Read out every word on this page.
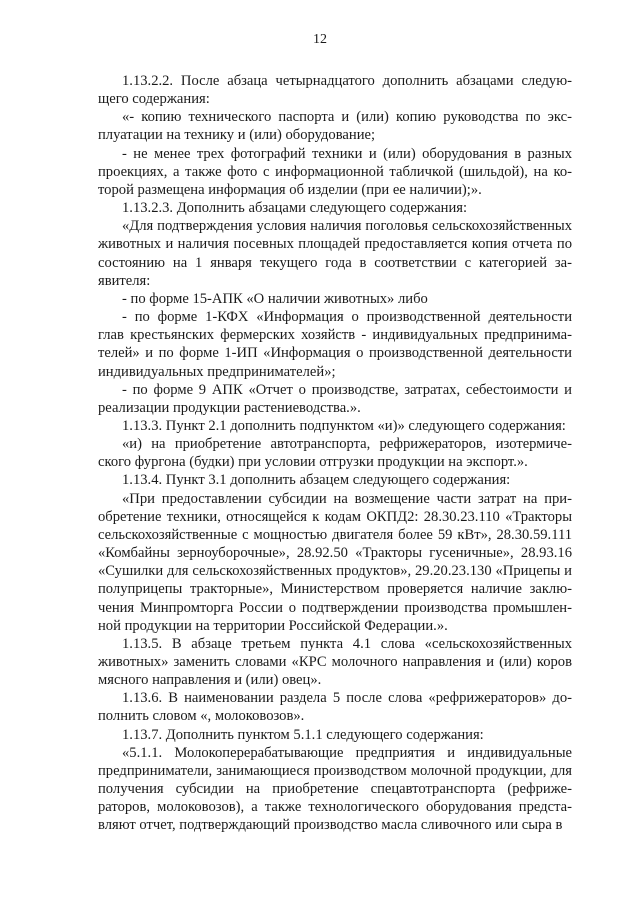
12

1.13.2.2. После абзаца четырнадцатого дополнить абзацами следующего содержания:

«- копию технического паспорта и (или) копию руководства по эксплуатации на технику и (или) оборудование;

- не менее трех фотографий техники и (или) оборудования в разных проекциях, а также фото с информационной табличкой (шильдой), на которой размещена информация об изделии (при ее наличии);».

1.13.2.3. Дополнить абзацами следующего содержания:

«Для подтверждения условия наличия поголовья сельскохозяйственных животных и наличия посевных площадей предоставляется копия отчета по состоянию на 1 января текущего года в соответствии с категорией заявителя:

- по форме 15-АПК «О наличии животных» либо

- по форме 1-КФХ «Информация о производственной деятельности глав крестьянских фермерских хозяйств - индивидуальных предпринимателей» и по форме 1-ИП «Информация о производственной деятельности индивидуальных предпринимателей»;

- по форме 9 АПК «Отчет о производстве, затратах, себестоимости и реализации продукции растениеводства.».

1.13.3. Пункт 2.1 дополнить подпунктом «и)» следующего содержания:

«и) на приобретение автотранспорта, рефрижераторов, изотермического фургона (будки) при условии отгрузки продукции на экспорт.».

1.13.4. Пункт 3.1 дополнить абзацем следующего содержания:

«При предоставлении субсидии на возмещение части затрат на приобретение техники, относящейся к кодам ОКПД2: 28.30.23.110 «Тракторы сельскохозяйственные с мощностью двигателя более 59 кВт», 28.30.59.111 «Комбайны зерноуборочные», 28.92.50 «Тракторы гусеничные», 28.93.16 «Сушилки для сельскохозяйственных продуктов», 29.20.23.130 «Прицепы и полуприцепы тракторные», Министерством проверяется наличие заключения Минпромторга России о подтверждении производства промышленной продукции на территории Российской Федерации.».

1.13.5. В абзаце третьем пункта 4.1 слова «сельскохозяйственных животных» заменить словами «КРС молочного направления и (или) коров мясного направления и (или) овец».

1.13.6. В наименовании раздела 5 после слова «рефрижераторов» дополнить словом «, молоковозов».

1.13.7. Дополнить пунктом 5.1.1 следующего содержания:

«5.1.1. Молокоперерабатывающие предприятия и индивидуальные предприниматели, занимающиеся производством молочной продукции, для получения субсидии на приобретение спецавтотранспорта (рефрижераторов, молоковозов), а также технологического оборудования представляют отчет, подтверждающий производство масла сливочного или сыра в
